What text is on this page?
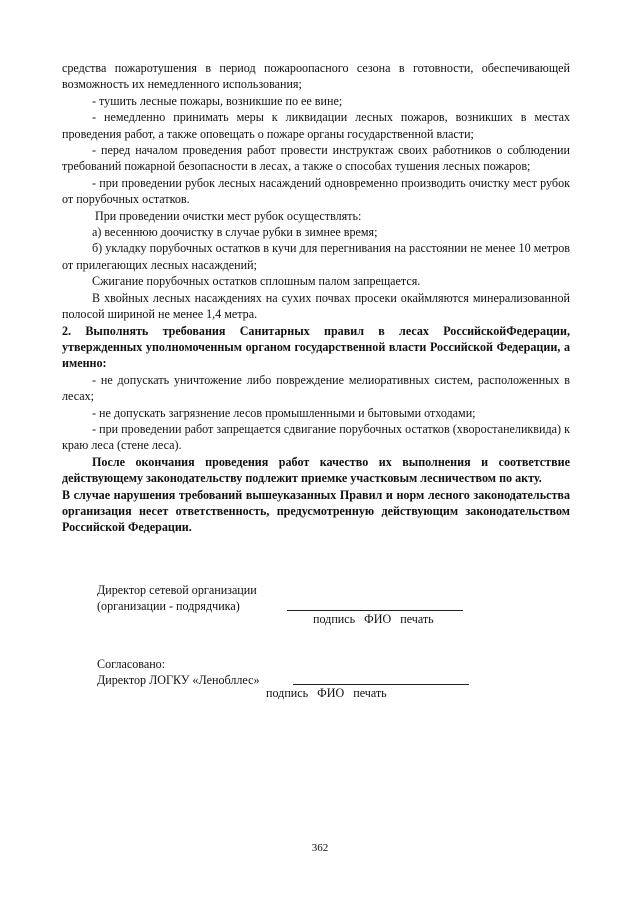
средства пожаротушения в период пожароопасного сезона в готовности, обеспечивающей возможность их немедленного использования;

- тушить лесные пожары, возникшие по ее вине;

- немедленно принимать меры к ликвидации лесных пожаров, возникших в местах проведения работ, а также оповещать о пожаре органы государственной власти;

- перед началом проведения работ провести инструктаж своих работников о соблюдении требований пожарной безопасности в лесах, а также о способах тушения лесных пожаров;

- при проведении рубок лесных насаждений одновременно производить очистку мест рубок от порубочных остатков.

При проведении очистки мест рубок осуществлять:

а) весеннюю доочистку в случае рубки в зимнее время;

б) укладку порубочных остатков в кучи для перегнивания на расстоянии не менее 10 метров от прилегающих лесных насаждений;

Сжигание порубочных остатков сплошным палом запрещается.

В хвойных лесных насаждениях на сухих почвах просеки окаймляются минерализованной полосой шириной не менее 1,4 метра.

2. Выполнять требования Санитарных правил в лесах РоссийскойФедерации, утвержденных уполномоченным органом государственной власти Российской Федерации, а именно:

- не допускать уничтожение либо повреждение мелиоративных систем, расположенных в лесах;

- не допускать загрязнение лесов промышленными и бытовыми отходами;

- при проведении работ запрещается сдвигание порубочных остатков (хворостанеликвида) к краю леса (стене леса).

После окончания проведения работ качество их выполнения и соответствие действующему законодательству подлежит приемке участковым лесничеством по акту.

В случае нарушения требований вышеуказанных Правил и норм лесного законодательства организация несет ответственность, предусмотренную действующим законодательством Российской Федерации.

Директор сетевой организации
(организации - подрядчика)
подпись ФИО печать
Согласовано:
Директор ЛОГКУ «Ленобллес»
подпись ФИО печать
362
